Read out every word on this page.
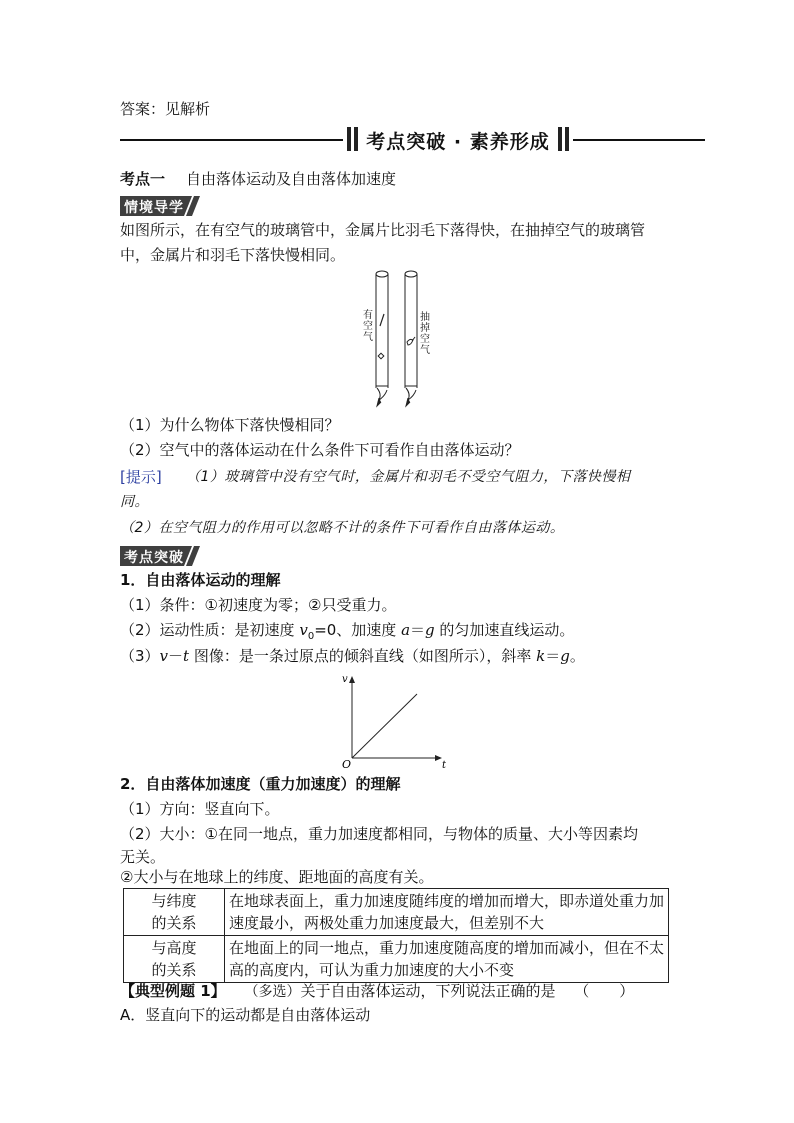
答案：见解析
考点突破 · 素养形成
考点一 自由落体运动及自由落体加速度
情境导学
如图所示，在有空气的玻璃管中，金属片比羽毛下落得快，在抽掉空气的玻璃管
中，金属片和羽毛下落快慢相同。
有
空
气
抽
掉
空
气
（1）为什么物体下落快慢相同？
（2）空气中的落体运动在什么条件下可看作自由落体运动？
[提示] （1）玻璃管中没有空气时，金属片和羽毛不受空气阻力，下落快慢相
同。
（2）在空气阻力的作用可以忽略不计的条件下可看作自由落体运动。
考点突破
1．自由落体运动的理解
（1）条件：①初速度为零；②只受重力。
（2）运动性质：是初速度 $v_0=0$、加速度 a＝g 的匀加速直线运动。
（3）v－t 图像：是一条过原点的倾斜直线（如图所示），斜率 k＝g。
v
t
O
2．自由落体加速度（重力加速度）的理解
（1）方向：竖直向下。
（2）大小：①在同一地点，重力加速度都相同，与物体的质量、大小等因素均
无关。
②大小与在地球上的纬度、距地面的高度有关。
与纬度
的关系	在地球表面上，重力加速度随纬度的增加而增大，即赤道处重力加速度最小，两极处重力加速度最大，但差别不大

与高度
的关系	在地面上的同一地点，重力加速度随高度的增加而减小，但在不太高的高度内，可认为重力加速度的大小不变
【典型例题 1】 （多选）关于自由落体运动，下列说法正确的是 （　　）
A．竖直向下的运动都是自由落体运动
